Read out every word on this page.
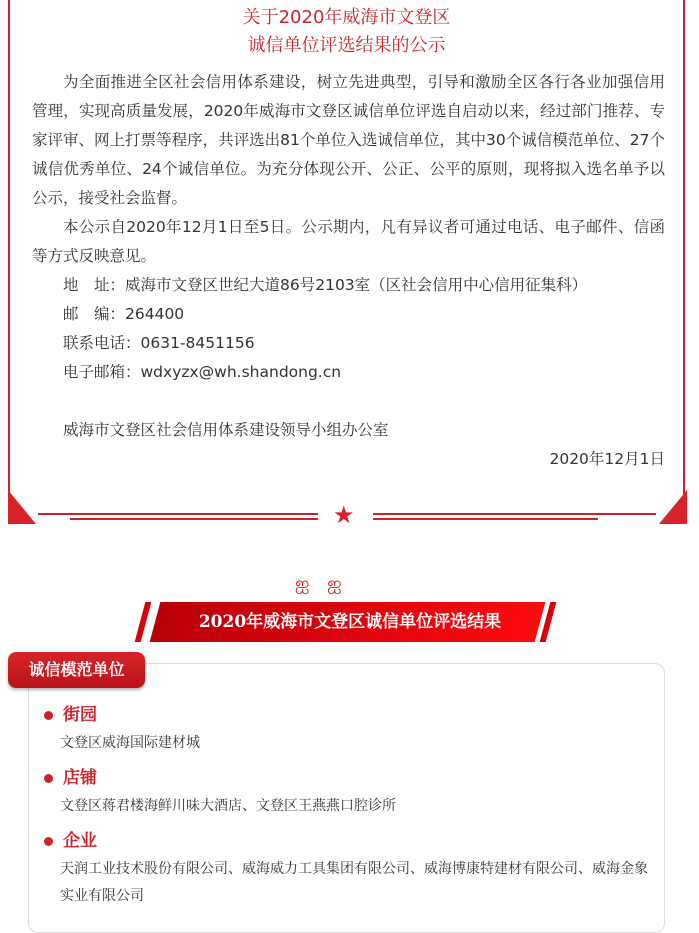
关于2020年威海市文登区
诚信单位评选结果的公示

为全面推进全区社会信用体系建设，树立先进典型，引导和激励全区各行各业加强信用管理，实现高质量发展，2020年威海市文登区诚信单位评选自启动以来，经过部门推荐、专家评审、网上打票等程序，共评选出81个单位入选诚信单位，其中30个诚信模范单位、27个诚信优秀单位、24个诚信单位。为充分体现公开、公正、公平的原则，现将拟入选名单予以公示，接受社会监督。

本公示自2020年12月1日至5日。公示期内，凡有异议者可通过电话、电子邮件、信函等方式反映意见。

地　址：威海市文登区世纪大道86号2103室（区社会信用中心信用征集科）

邮　编：264400

联系电话：0631-8451156

电子邮箱：wdxyzx@wh.shandong.cn

威海市文登区社会信用体系建设领导小组办公室

2020年12月1日

★
ஐ ஐ
2020年威海市文登区诚信单位评选结果
诚信模范单位
街园
文登区威海国际建材城
店铺
文登区蒋君楼海鲜川味大酒店、文登区王燕燕口腔诊所
企业
天润工业技术股份有限公司、威海威力工具集团有限公司、威海博康特建材有限公司、威海金象实业有限公司
